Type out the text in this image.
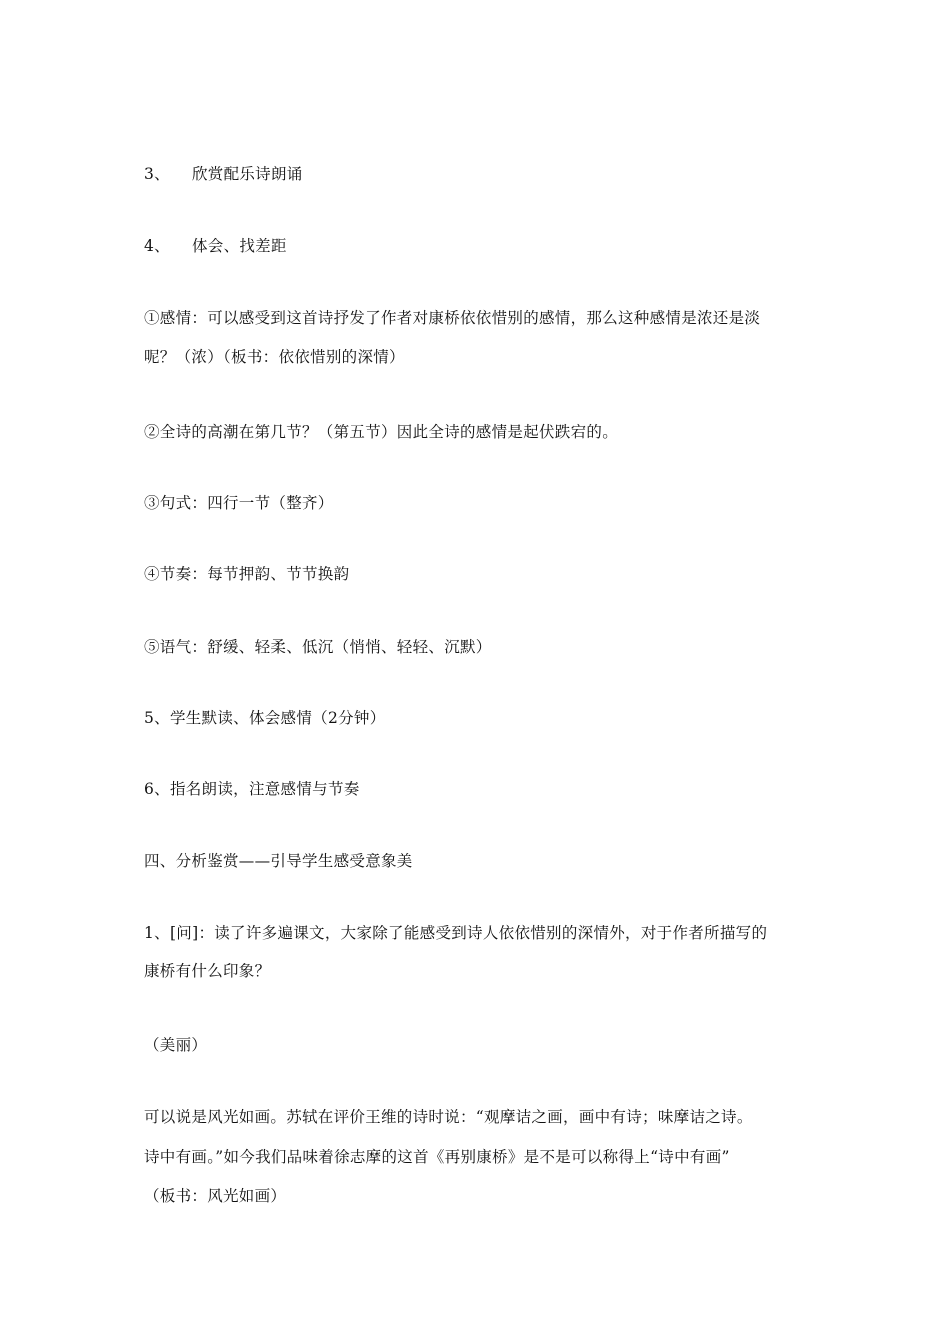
3、 欣赏配乐诗朗诵
4、 体会、找差距
①感情：可以感受到这首诗抒发了作者对康桥依依惜别的感情，那么这种感情是浓还是淡
呢？（浓）（板书：依依惜别的深情）
②全诗的高潮在第几节？（第五节）因此全诗的感情是起伏跌宕的。
③句式：四行一节（整齐）
④节奏：每节押韵、节节换韵
⑤语气：舒缓、轻柔、低沉（悄悄、轻轻、沉默）
5、学生默读、体会感情（2分钟）
6、指名朗读，注意感情与节奏
四、分析鉴赏——引导学生感受意象美
1、[问]：读了许多遍课文，大家除了能感受到诗人依依惜别的深情外，对于作者所描写的
康桥有什么印象？
（美丽）
可以说是风光如画。苏轼在评价王维的诗时说：“观摩诘之画，画中有诗；味摩诘之诗。
诗中有画。”如今我们品味着徐志摩的这首《再别康桥》是不是可以称得上“诗中有画”
（板书：风光如画）
